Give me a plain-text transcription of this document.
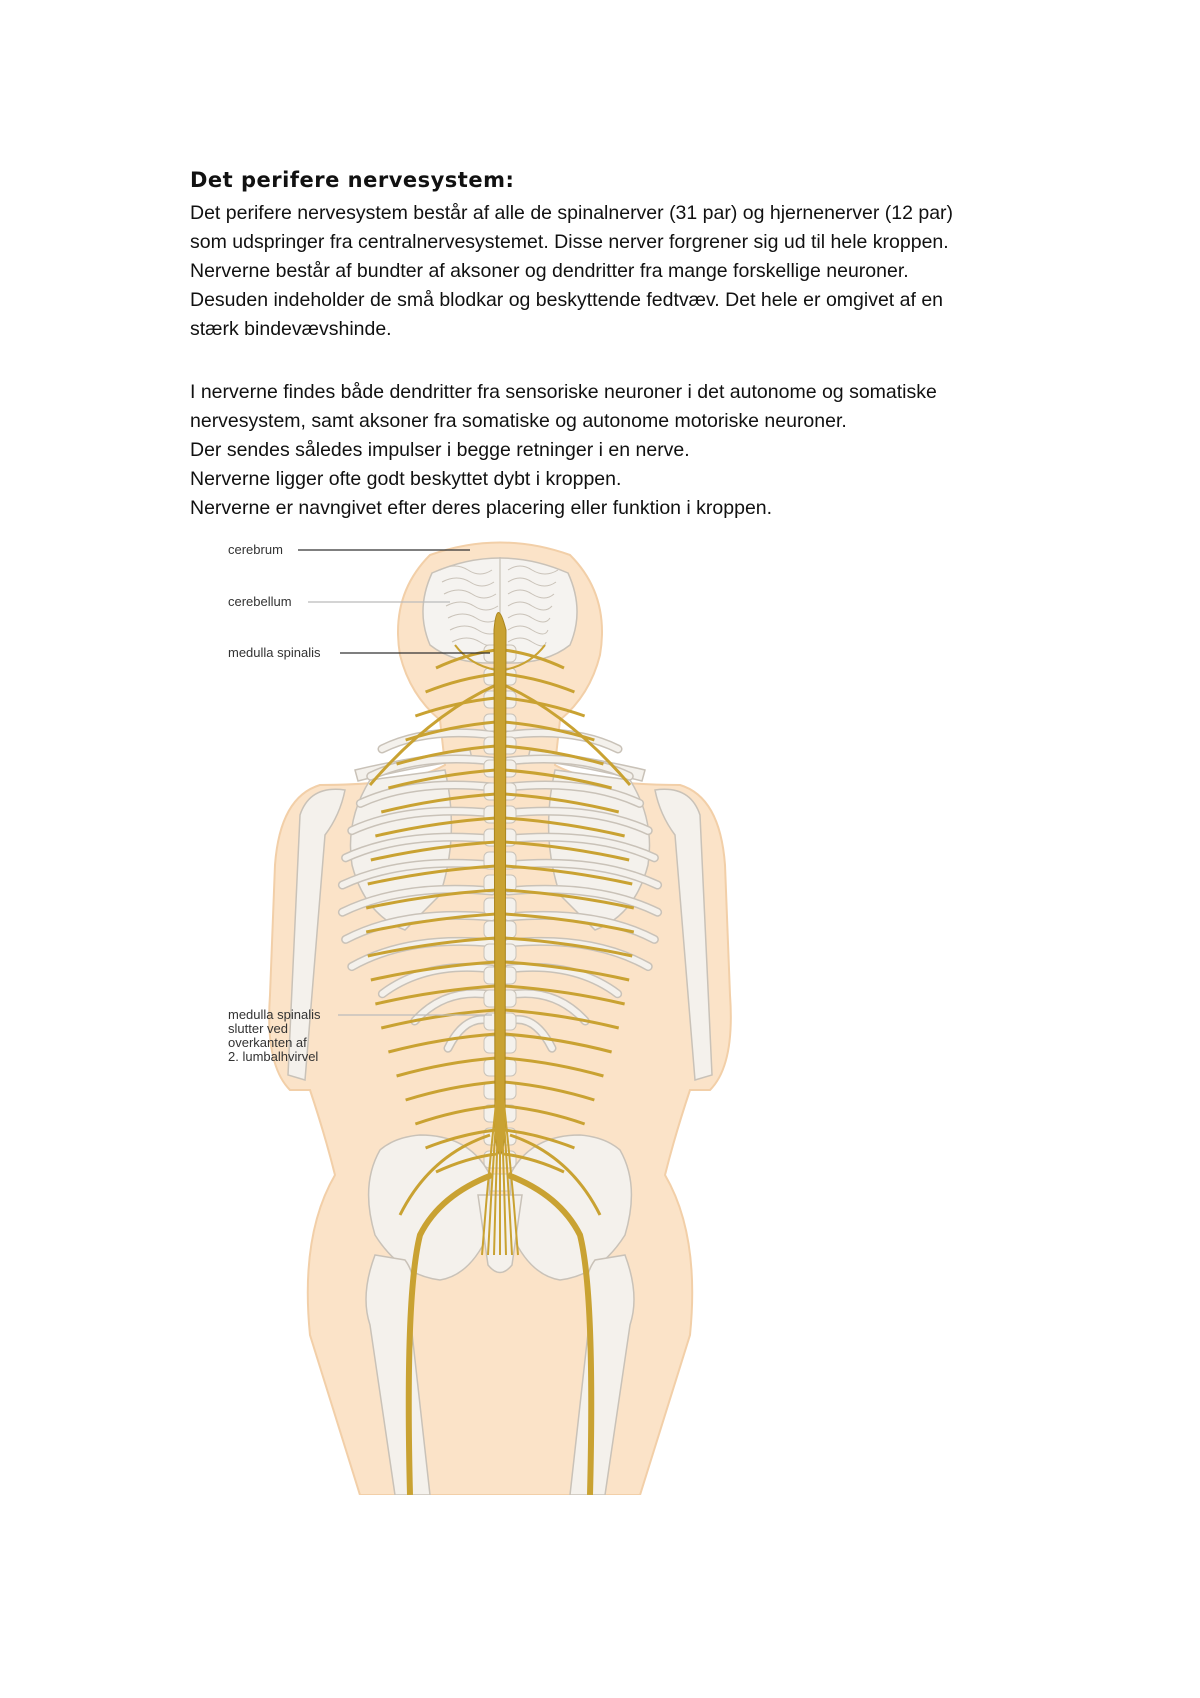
Det perifere nervesystem:

Det perifere nervesystem består af alle de spinalnerver (31 par) og hjernenerver (12 par)
som udspringer fra centralnervesystemet. Disse nerver forgrener sig ud til hele kroppen.
Nerverne består af bundter af aksoner og dendritter fra mange forskellige neuroner.
Desuden indeholder de små blodkar og beskyttende fedtvæv. Det hele er omgivet af en
stærk bindevævshinde.

I nerverne findes både dendritter fra sensoriske neuroner i det autonome og somatiske
nervesystem, samt aksoner fra somatiske og autonome motoriske neuroner.
Der sendes således impulser i begge retninger i en nerve.
Nerverne ligger ofte godt beskyttet dybt i kroppen.
Nerverne er navngivet efter deres placering eller funktion i kroppen.

cerebrum
cerebellum
medulla spinalis
medulla spinalis
slutter ved
overkanten af
2. lumbalhvirvel
